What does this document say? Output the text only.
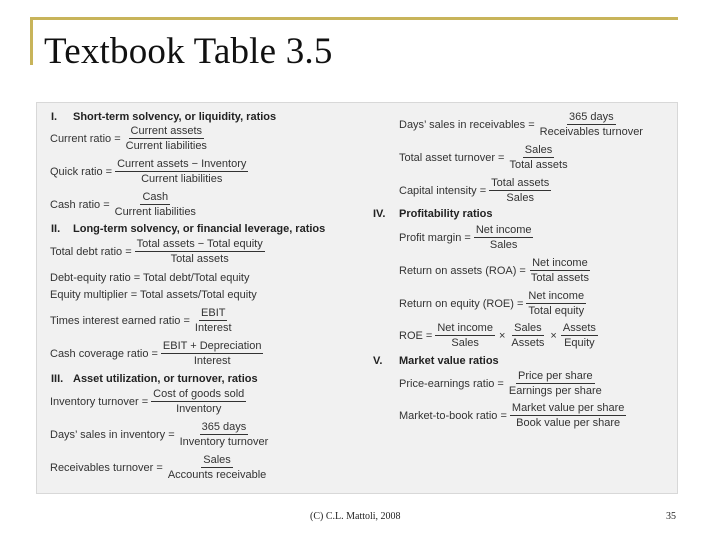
Textbook Table 3.5
I. Short-term solvency, or liquidity, ratios
Current ratio = $\frac{\text{Current assets}}{\text{Current liabilities}}$
Quick ratio = $\frac{\text{Current assets − Inventory}}{\text{Current liabilities}}$
Cash ratio = $\frac{\text{Cash}}{\text{Current liabilities}}$
II. Long-term solvency, or financial leverage, ratios
Total debt ratio = $\frac{\text{Total assets − Total equity}}{\text{Total assets}}$
Debt-equity ratio = Total debt/Total equity
Equity multiplier = Total assets/Total equity
Times interest earned ratio = $\frac{\text{EBIT}}{\text{Interest}}$
Cash coverage ratio = $\frac{\text{EBIT + Depreciation}}{\text{Interest}}$
III. Asset utilization, or turnover, ratios
Inventory turnover = $\frac{\text{Cost of goods sold}}{\text{Inventory}}$
Days’ sales in inventory = $\frac{\text{365 days}}{\text{Inventory turnover}}$
Receivables turnover = $\frac{\text{Sales}}{\text{Accounts receivable}}$
Days’ sales in receivables = $\frac{\text{365 days}}{\text{Receivables turnover}}$
Total asset turnover = $\frac{\text{Sales}}{\text{Total assets}}$
Capital intensity = $\frac{\text{Total assets}}{\text{Sales}}$
IV. Profitability ratios
Profit margin = $\frac{\text{Net income}}{\text{Sales}}$
Return on assets $(ROA) = \frac{\text{Net income}}{\text{Total assets}}$
Return on equity $(ROE) = \frac{\text{Net income}}{\text{Total equity}}$
ROE = $\frac{\text{Net income}}{\text{Sales}} \times \frac{\text{Sales}}{\text{Assets}} \times \frac{\text{Assets}}{\text{Equity}}$
V. Market value ratios
Price-earnings ratio = $\frac{\text{Price per share}}{\text{Earnings per share}}$
Market-to-book ratio = $\frac{\text{Market value per share}}{\text{Book value per share}}$
(C) C.L. Mattoli, 2008	35
